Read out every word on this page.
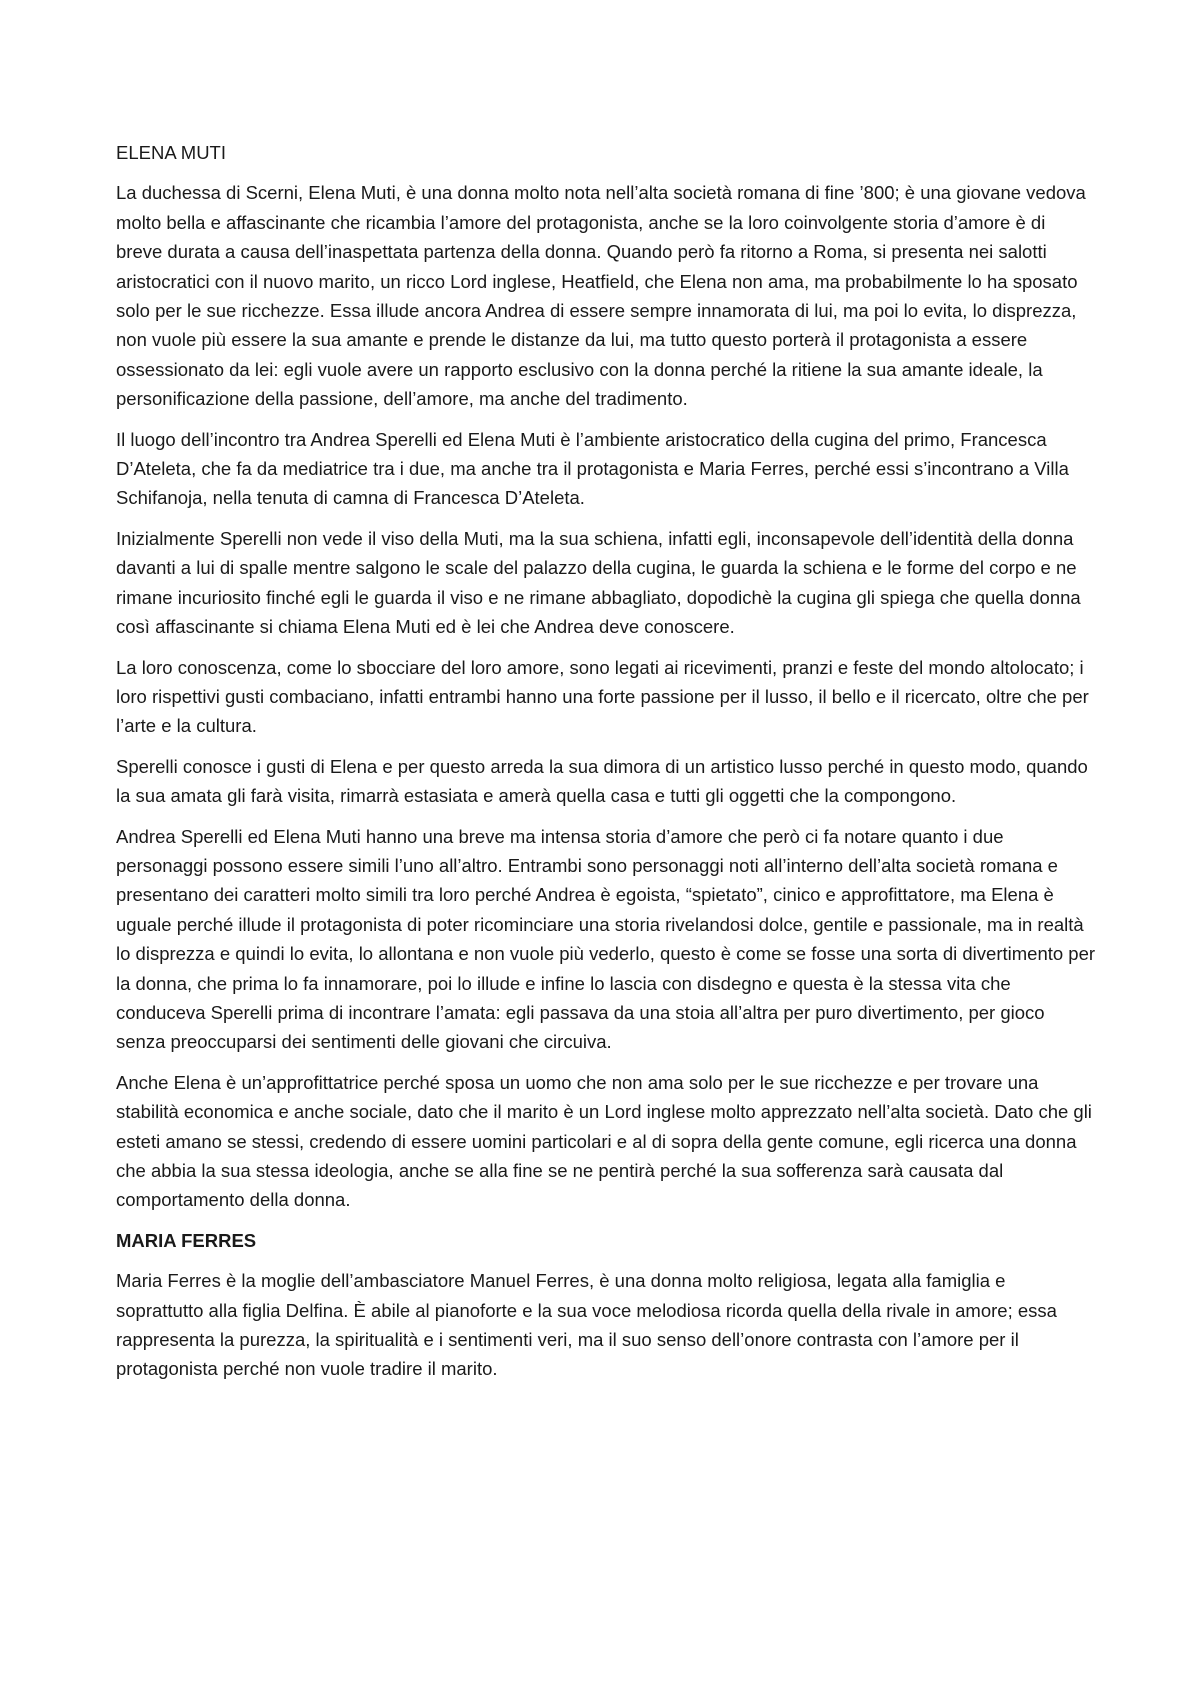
ELENA MUTI

La duchessa di Scerni, Elena Muti, è una donna molto nota nell’alta società romana di fine ’800; è una giovane vedova molto bella e affascinante che ricambia l’amore del protagonista, anche se la loro coinvolgente storia d’amore è di breve durata a causa dell’inaspettata partenza della donna. Quando però fa ritorno a Roma, si presenta nei salotti aristocratici con il nuovo marito, un ricco Lord inglese, Heatfield, che Elena non ama, ma probabilmente lo ha sposato solo per le sue ricchezze. Essa illude ancora Andrea di essere sempre innamorata di lui, ma poi lo evita, lo disprezza, non vuole più essere la sua amante e prende le distanze da lui, ma tutto questo porterà il protagonista a essere ossessionato da lei: egli vuole avere un rapporto esclusivo con la donna perché la ritiene la sua amante ideale, la personificazione della passione, dell’amore, ma anche del tradimento.

Il luogo dell’incontro tra Andrea Sperelli ed Elena Muti è l’ambiente aristocratico della cugina del primo, Francesca D’Ateleta, che fa da mediatrice tra i due, ma anche tra il protagonista e Maria Ferres, perché essi s’incontrano a Villa Schifanoja, nella tenuta di camna di Francesca D’Ateleta.

Inizialmente Sperelli non vede il viso della Muti, ma la sua schiena, infatti egli, inconsapevole dell’identità della donna davanti a lui di spalle mentre salgono le scale del palazzo della cugina, le guarda la schiena e le forme del corpo e ne rimane incuriosito finché egli le guarda il viso e ne rimane abbagliato, dopodichè la cugina gli spiega che quella donna così affascinante si chiama Elena Muti ed è lei che Andrea deve conoscere.

La loro conoscenza, come lo sbocciare del loro amore, sono legati ai ricevimenti, pranzi e feste del mondo altolocato; i loro rispettivi gusti combaciano, infatti entrambi hanno una forte passione per il lusso, il bello e il ricercato, oltre che per l’arte e la cultura.

Sperelli conosce i gusti di Elena e per questo arreda la sua dimora di un artistico lusso perché in questo modo, quando la sua amata gli farà visita, rimarrà estasiata e amerà quella casa e tutti gli oggetti che la compongono.

Andrea Sperelli ed Elena Muti hanno una breve ma intensa storia d’amore che però ci fa notare quanto i due personaggi possono essere simili l’uno all’altro. Entrambi sono personaggi noti all’interno dell’alta società romana e presentano dei caratteri molto simili tra loro perché Andrea è egoista, “spietato”, cinico e approfittatore, ma Elena è uguale perché illude il protagonista di poter ricominciare una storia rivelandosi dolce, gentile e passionale, ma in realtà lo disprezza e quindi lo evita, lo allontana e non vuole più vederlo, questo è come se fosse una sorta di divertimento per la donna, che prima lo fa innamorare, poi lo illude e infine lo lascia con disdegno e questa è la stessa vita che conduceva Sperelli prima di incontrare l’amata: egli passava da una stoia all’altra per puro divertimento, per gioco senza preoccuparsi dei sentimenti delle giovani che circuiva.

Anche Elena è un’approfittatrice perché sposa un uomo che non ama solo per le sue ricchezze e per trovare una stabilità economica e anche sociale, dato che il marito è un Lord inglese molto apprezzato nell’alta società. Dato che gli esteti amano se stessi, credendo di essere uomini particolari e al di sopra della gente comune, egli ricerca una donna che abbia la sua stessa ideologia, anche se alla fine se ne pentirà perché la sua sofferenza sarà causata dal comportamento della donna.

MARIA FERRES

Maria Ferres è la moglie dell’ambasciatore Manuel Ferres, è una donna molto religiosa, legata alla famiglia e soprattutto alla figlia Delfina. È abile al pianoforte e la sua voce melodiosa ricorda quella della rivale in amore; essa rappresenta la purezza, la spiritualità e i sentimenti veri, ma il suo senso dell’onore contrasta con l’amore per il protagonista perché non vuole tradire il marito.
